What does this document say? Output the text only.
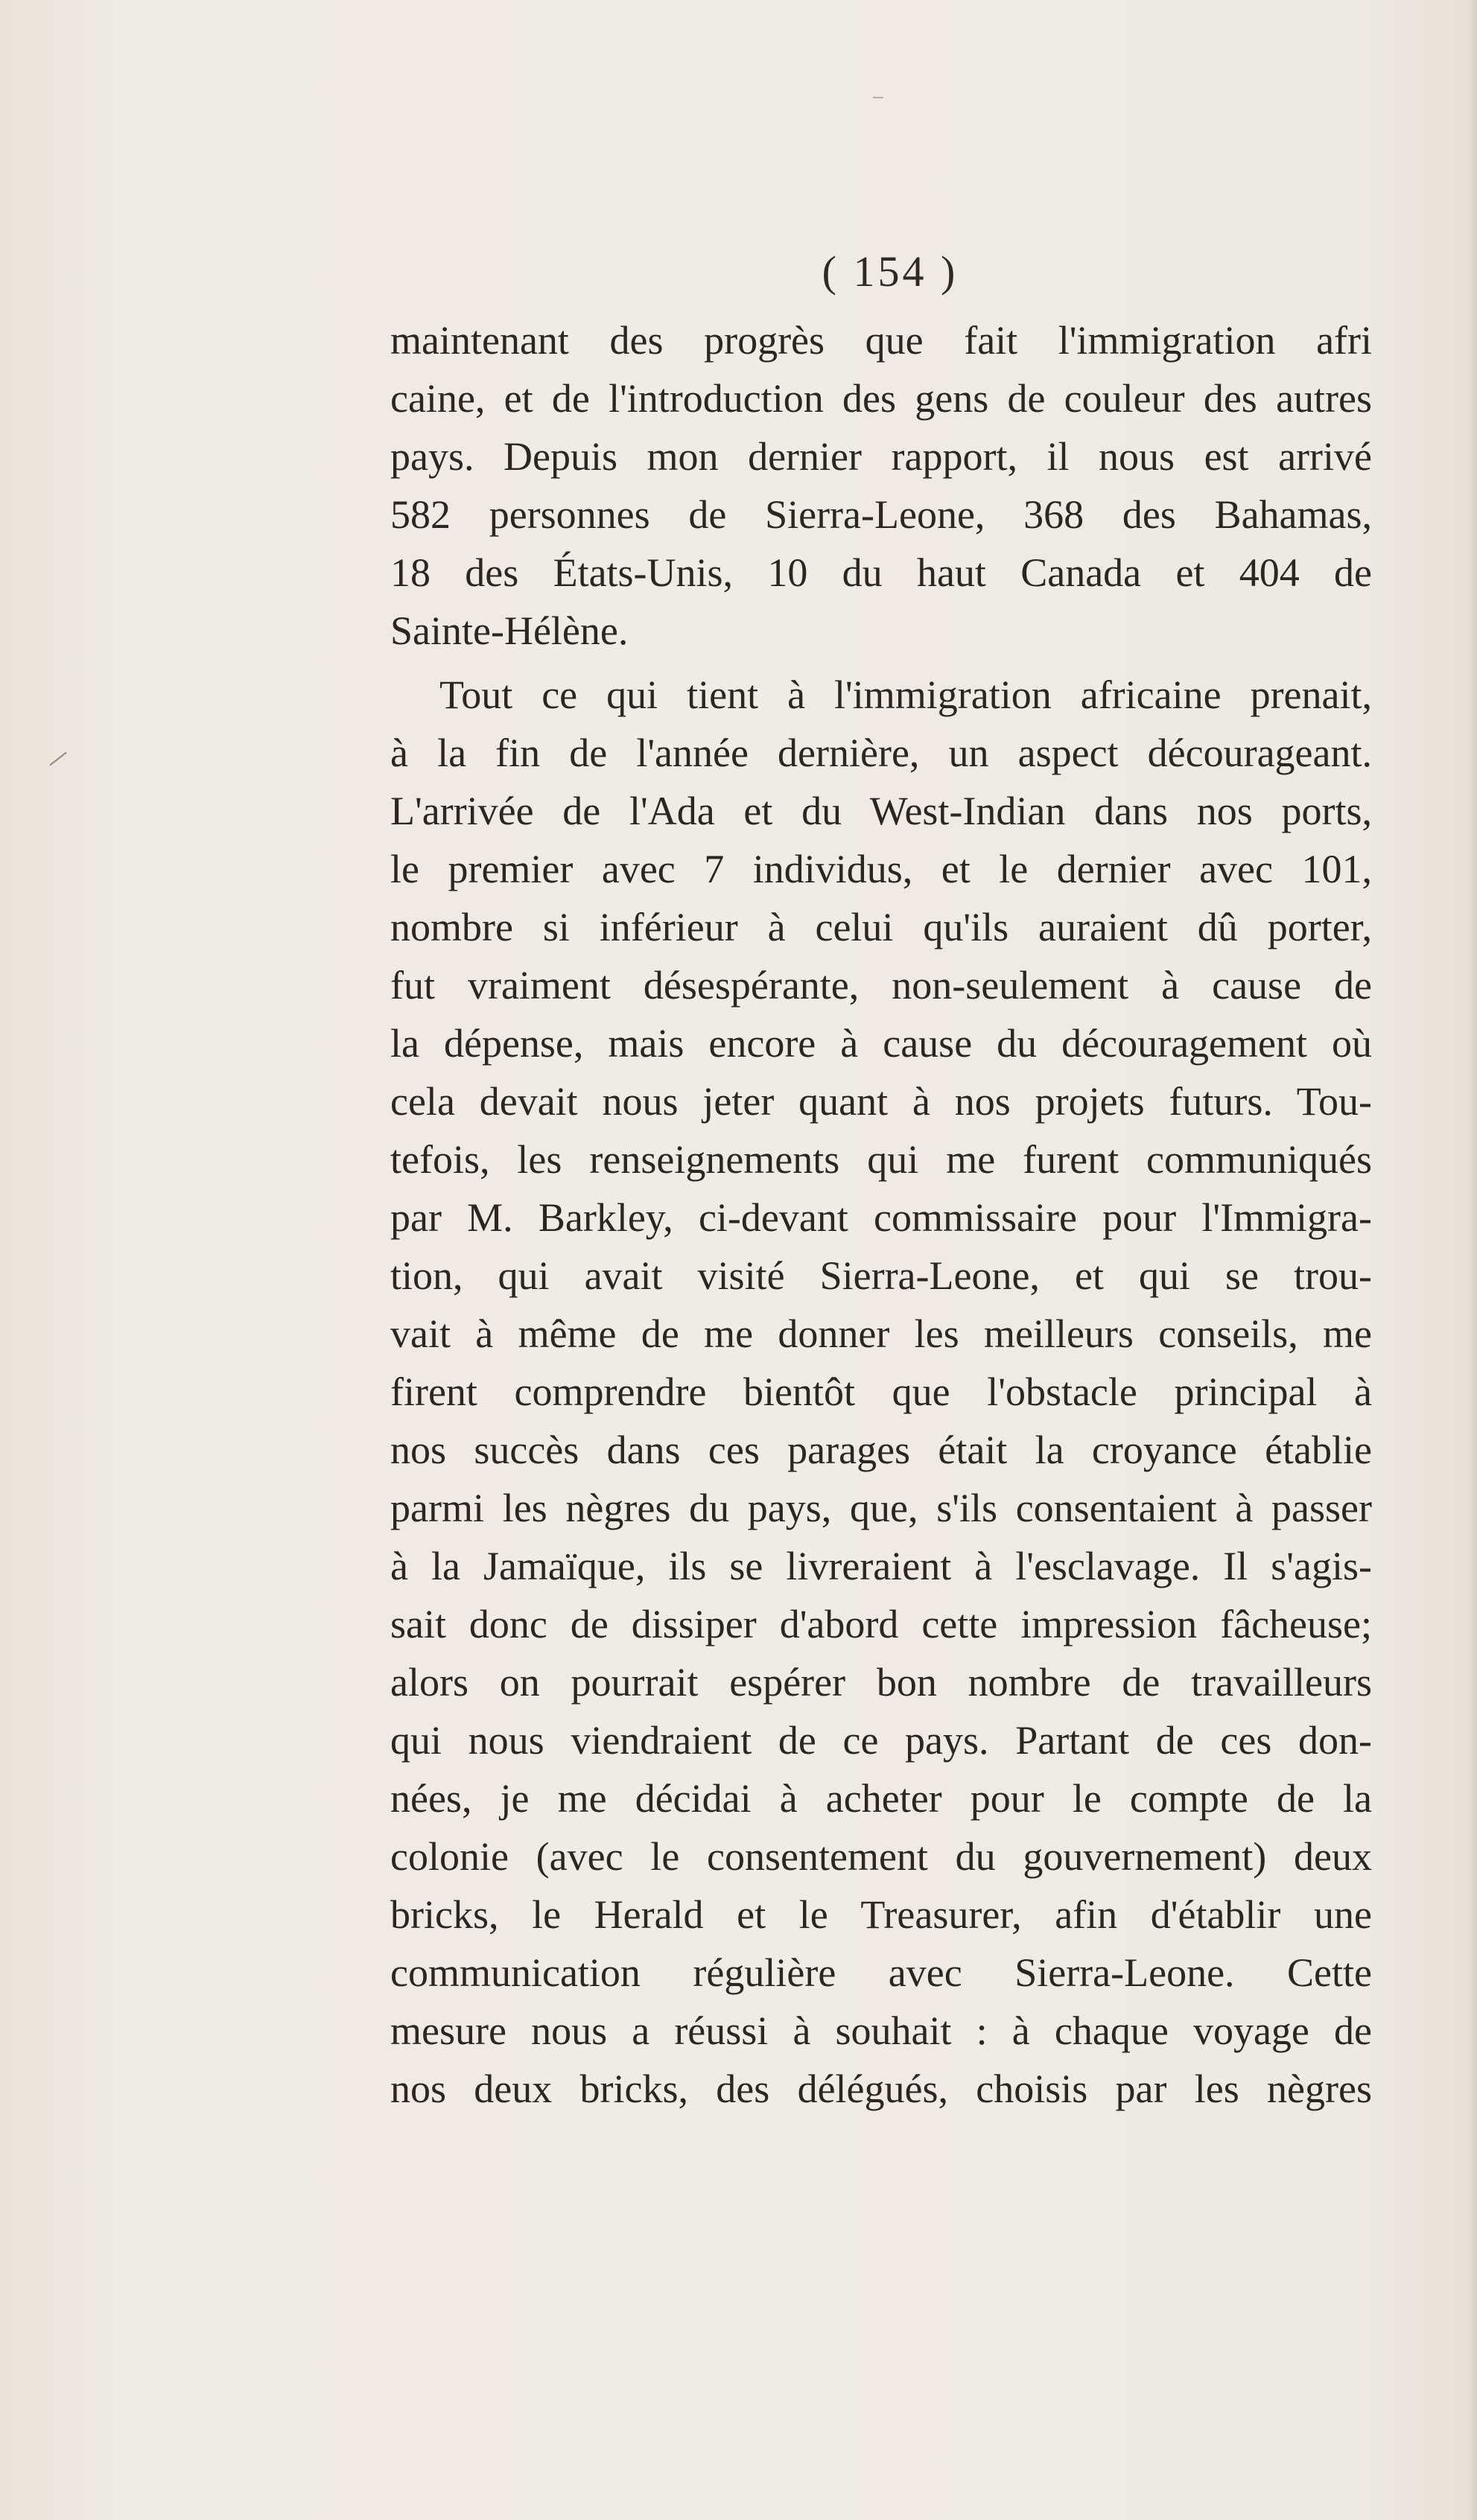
( 154 )
maintenant des progrès que fait l'immigration afri
caine, et de l'introduction des gens de couleur des autres
pays. Depuis mon dernier rapport, il nous est arrivé
582 personnes de Sierra-Leone, 368 des Bahamas,
18 des États-Unis, 10 du haut Canada et 404 de
Sainte-Hélène.
Tout ce qui tient à l'immigration africaine prenait,
à la fin de l'année dernière, un aspect décourageant.
L'arrivée de l'Ada et du West-Indian dans nos ports,
le premier avec 7 individus, et le dernier avec 101,
nombre si inférieur à celui qu'ils auraient dû porter,
fut vraiment désespérante, non-seulement à cause de
la dépense, mais encore à cause du découragement où
cela devait nous jeter quant à nos projets futurs. Tou-
tefois, les renseignements qui me furent communiqués
par M. Barkley, ci-devant commissaire pour l'Immigra-
tion, qui avait visité Sierra-Leone, et qui se trou-
vait à même de me donner les meilleurs conseils, me
firent comprendre bientôt que l'obstacle principal à
nos succès dans ces parages était la croyance établie
parmi les nègres du pays, que, s'ils consentaient à passer
à la Jamaïque, ils se livreraient à l'esclavage. Il s'agis-
sait donc de dissiper d'abord cette impression fâcheuse;
alors on pourrait espérer bon nombre de travailleurs
qui nous viendraient de ce pays. Partant de ces don-
nées, je me décidai à acheter pour le compte de la
colonie (avec le consentement du gouvernement) deux
bricks, le Herald et le Treasurer, afin d'établir une
communication régulière avec Sierra-Leone. Cette
mesure nous a réussi à souhait : à chaque voyage de
nos deux bricks, des délégués, choisis par les nègres
